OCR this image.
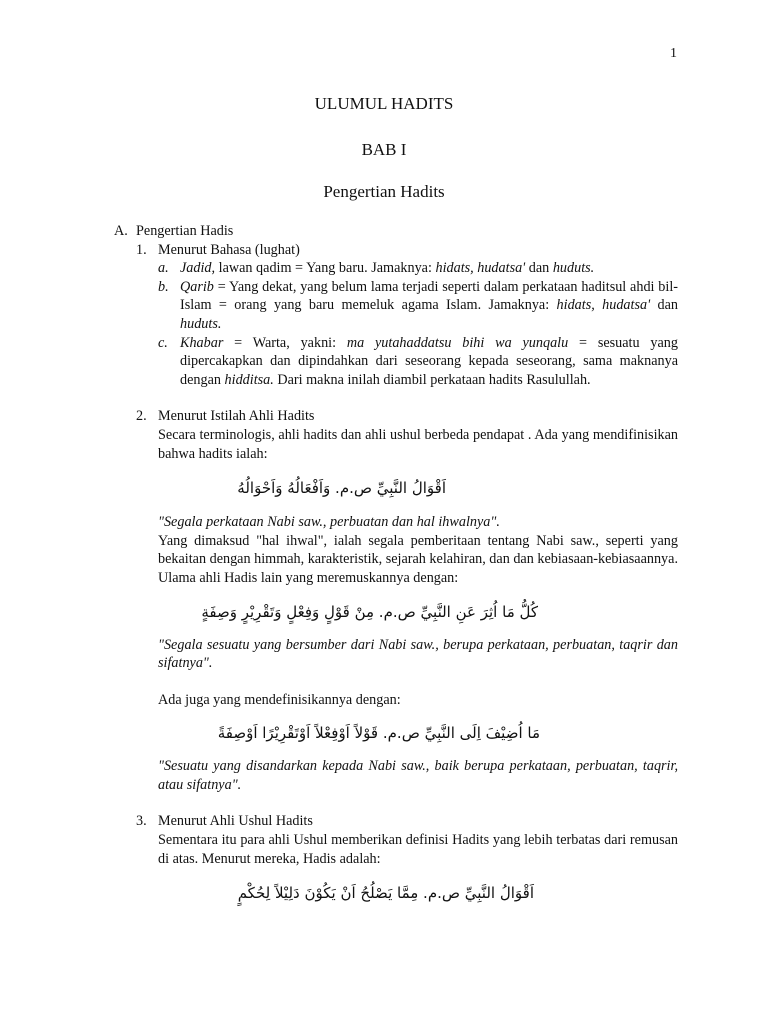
1
ULUMUL HADITS
BAB I
Pengertian Hadits
A. Pengertian Hadis
1. Menurut Bahasa (lughat)
a. Jadid, lawan qadim = Yang baru. Jamaknya: hidats, hudatsa' dan huduts.
b. Qarib = Yang dekat, yang belum lama terjadi seperti dalam perkataan haditsul ahdi bil-Islam = orang yang baru memeluk agama Islam. Jamaknya: hidats, hudatsa' dan huduts.
c. Khabar = Warta, yakni: ma yutahaddatsu bihi wa yunqalu = sesuatu yang dipercakapkan dan dipindahkan dari seseorang kepada seseorang, sama maknanya dengan hidditsa. Dari makna inilah diambil perkataan hadits Rasulullah.
2. Menurut Istilah Ahli Hadits
Secara terminologis, ahli hadits dan ahli ushul berbeda pendapat . Ada yang mendifinisikan bahwa hadits ialah:
اَقْوَالُ النَّبِيِّ ص.م. وَاَفْعَالُهُ وَاَحْوَالُهُ
"Segala perkataan Nabi saw., perbuatan dan hal ihwalnya".
Yang dimaksud "hal ihwal", ialah segala pemberitaan tentang Nabi saw., seperti yang bekaitan dengan himmah, karakteristik, sejarah kelahiran, dan dan kebiasaan-kebiasaannya. Ulama ahli Hadis lain yang meremuskannya dengan:
كُلُّ مَا اُثِرَ عَنِ النَّبِيِّ ص.م. مِنْ قَوْلٍ وَفِعْلٍ وَتَقْرِيْرٍ وَصِفَةٍ
"Segala sesuatu yang bersumber dari Nabi saw., berupa perkataan, perbuatan, taqrir dan sifatnya".
Ada juga yang mendefinisikannya dengan:
مَا اُضِيْفَ اِلَى النَّبِيِّ ص.م. قَوْلاً اَوْفِعْلاً اَوْتَقْرِيْرًا اَوْصِفَةً
"Sesuatu yang disandarkan kepada Nabi saw., baik berupa perkataan, perbuatan, taqrir, atau sifatnya".
3. Menurut Ahli Ushul Hadits
Sementara itu para ahli Ushul memberikan definisi Hadits yang lebih terbatas dari remusan di atas. Menurut mereka, Hadis adalah:
اَقْوَالُ النَّبِيِّ ص.م. مِمَّا يَصْلُحُ اَنْ يَكُوْنَ دَلِيْلاً لِحُكْمٍ
